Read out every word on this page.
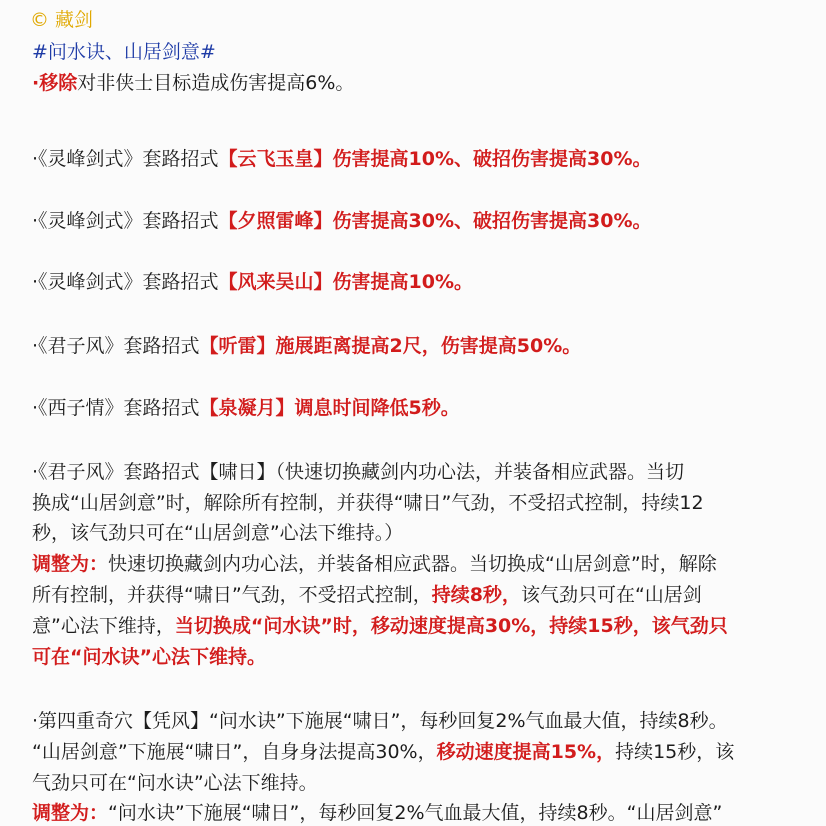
© 藏剑
#问水诀、山居剑意#
·移除对非侠士目标造成伤害提高6%。
·《灵峰剑式》套路招式【云飞玉皇】伤害提高10%、破招伤害提高30%。
·《灵峰剑式》套路招式【夕照雷峰】伤害提高30%、破招伤害提高30%。
·《灵峰剑式》套路招式【风来吴山】伤害提高10%。
·《君子风》套路招式【听雷】施展距离提高2尺，伤害提高50%。
·《西子情》套路招式【泉凝月】调息时间降低5秒。
·《君子风》套路招式【啸日】（快速切换藏剑内功心法，并装备相应武器。当切
换成“山居剑意”时，解除所有控制，并获得“啸日”气劲，不受招式控制，持续12
秒，该气劲只可在“山居剑意”心法下维持。）
调整为：快速切换藏剑内功心法，并装备相应武器。当切换成“山居剑意”时，解除
所有控制，并获得“啸日”气劲，不受招式控制，持续8秒，该气劲只可在“山居剑
意”心法下维持，当切换成“问水诀”时，移动速度提高30%，持续15秒，该气劲只
可在“问水诀”心法下维持。
·第四重奇穴【凭风】“问水诀”下施展“啸日”，每秒回复2%气血最大值，持续8秒。
“山居剑意”下施展“啸日”，自身身法提高30%，移动速度提高15%，持续15秒，该
气劲只可在“问水诀”心法下维持。
调整为：“问水诀”下施展“啸日”，每秒回复2%气血最大值，持续8秒。“山居剑意”
